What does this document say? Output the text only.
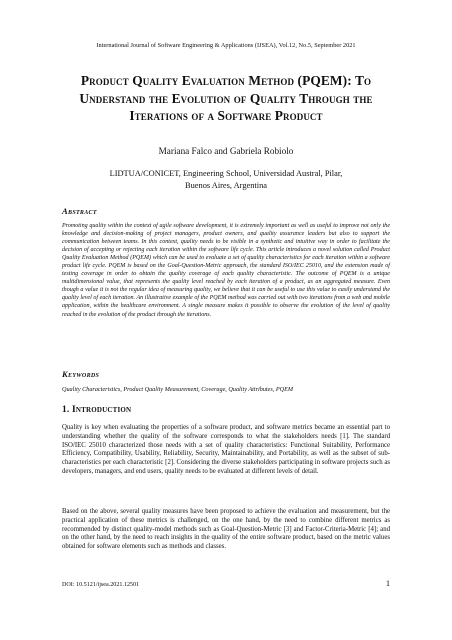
International Journal of Software Engineering & Applications (IJSEA), Vol.12, No.5, September 2021
Product Quality Evaluation Method (PQEM): To Understand the Evolution of Quality Through the Iterations of a Software Product
Mariana Falco and Gabriela Robiolo
LIDTUA/CONICET, Engineering School, Universidad Austral, Pilar,
Buenos Aires, Argentina
Abstract
Promoting quality within the context of agile software development, it is extremely important as well as useful to improve not only the knowledge and decision-making of project managers, product owners, and quality assurance leaders but also to support the communication between teams. In this context, quality needs to be visible in a synthetic and intuitive way in order to facilitate the decision of accepting or rejecting each iteration within the software life cycle. This article introduces a novel solution called Product Quality Evaluation Method (PQEM) which can be used to evaluate a set of quality characteristics for each iteration within a software product life cycle. PQEM is based on the Goal-Question-Metric approach, the standard ISO/IEC 25010, and the extension made of testing coverage in order to obtain the quality coverage of each quality characteristic. The outcome of PQEM is a unique multidimensional value, that represents the quality level reached by each iteration of a product, as an aggregated measure. Even though a value it is not the regular idea of measuring quality, we believe that it can be useful to use this value to easily understand the quality level of each iteration. An illustrative example of the PQEM method was carried out with two iterations from a web and mobile application, within the healthcare environment. A single measure makes it possible to observe the evolution of the level of quality reached in the evolution of the product through the iterations.
Keywords
Quality Characteristics, Product Quality Measurement, Coverage, Quality Attributes, PQEM
1. Introduction
Quality is key when evaluating the properties of a software product, and software metrics became an essential part to understanding whether the quality of the software corresponds to what the stakeholders needs [1]. The standard ISO/IEC 25010 characterized those needs with a set of quality characteristics: Functional Suitability, Performance Efficiency, Compatibility, Usability, Reliability, Security, Maintainability, and Portability, as well as the subset of sub-characteristics per each characteristic [2]. Considering the diverse stakeholders participating in software projects such as developers, managers, and end users, quality needs to be evaluated at different levels of detail.
Based on the above, several quality measures have been proposed to achieve the evaluation and measurement, but the practical application of these metrics is challenged, on the one hand, by the need to combine different metrics as recommended by distinct quality-model methods such as Goal-Question-Metric [3] and Factor-Criteria-Metric [4]; and on the other hand, by the need to reach insights in the quality of the entire software product, based on the metric values obtained for software elements such as methods and classes.
DOI: 10.5121/ijsea.2021.12501	1
